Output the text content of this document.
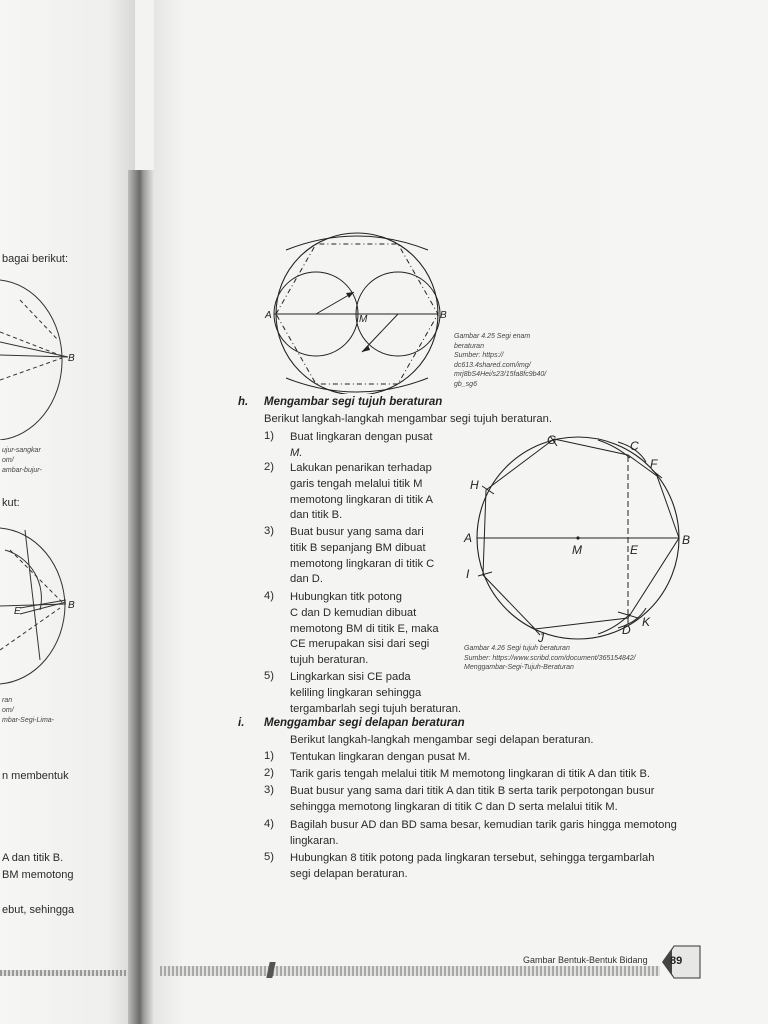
bagai berikut:
kut:
n membentuk
A dan titik B.
BM memotong
ebut, sehingga
ujur-sangkar
om/
ambar-bujur-
ran
om/
mbar-Segi-Lima-
B
B
E
A	M	B
Gambar 4.25 Segi enam
beraturan
Sumber: https://
dc613.4shared.com/img/
mrj8bS4Hei/s23/15fa8fc9b40/
gb_sg6
h. Mengambar segi tujuh beraturan
Berikut langkah-langkah mengambar segi tujuh beraturan.
1) Buat lingkaran dengan pusat
M.
2) Lakukan penarikan terhadap
garis tengah melalui titik M
memotong lingkaran di titik A
dan titik B.
3) Buat busur yang sama dari
titik B sepanjang BM dibuat
memotong lingkaran di titik C
dan D.
4) Hubungkan titk potong
C dan D kemudian dibuat
memotong BM di titik E, maka
CE merupakan sisi dari segi
tujuh beraturan.
5) Lingkarkan sisi CE pada
keliling lingkaran sehingga
tergambarlah segi tujuh beraturan.
G	C
F
H
A
M	E
B
I
D
K
J
Gambar 4.26 Segi tujuh beraturan
Sumber: https://www.scribd.com/document/365154842/
Menggambar-Segi-Tujuh-Beraturan
i. Menggambar segi delapan beraturan
Berikut langkah-langkah mengambar segi delapan beraturan.
1) Tentukan lingkaran dengan pusat M.
2) Tarik garis tengah melalui titik M memotong lingkaran di titik A dan titik B.
3) Buat busur yang sama dari titik A dan titik B serta tarik perpotongan busur
sehingga memotong lingkaran di titik C dan D serta melalui titik M.
4) Bagilah busur AD dan BD sama besar, kemudian tarik garis hingga memotong
lingkaran.
5) Hubungkan 8 titik potong pada lingkaran tersebut, sehingga tergambarlah
segi delapan beraturan.
Gambar Bentuk-Bentuk Bidang 89
